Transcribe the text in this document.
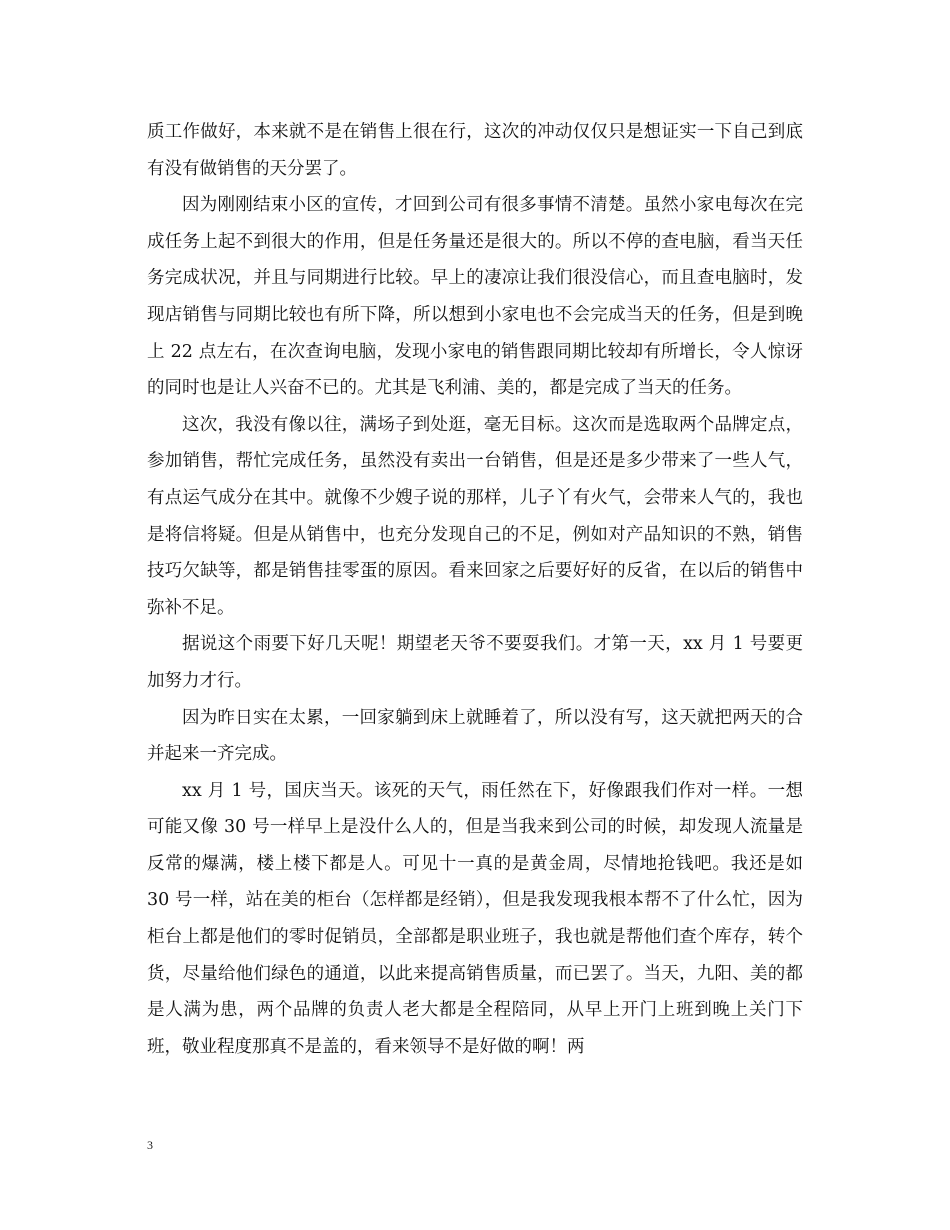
质工作做好，本来就不是在销售上很在行，这次的冲动仅仅只是想证实一下自己到底有没有做销售的天分罢了。

因为刚刚结束小区的宣传，才回到公司有很多事情不清楚。虽然小家电每次在完成任务上起不到很大的作用，但是任务量还是很大的。所以不停的查电脑，看当天任务完成状况，并且与同期进行比较。早上的凄凉让我们很没信心，而且查电脑时，发现店销售与同期比较也有所下降，所以想到小家电也不会完成当天的任务，但是到晚上 22 点左右，在次查询电脑，发现小家电的销售跟同期比较却有所增长，令人惊讶的同时也是让人兴奋不已的。尤其是飞利浦、美的，都是完成了当天的任务。

这次，我没有像以往，满场子到处逛，毫无目标。这次而是选取两个品牌定点，参加销售，帮忙完成任务，虽然没有卖出一台销售，但是还是多少带来了一些人气，有点运气成分在其中。就像不少嫂子说的那样，儿子丫有火气，会带来人气的，我也是将信将疑。但是从销售中，也充分发现自己的不足，例如对产品知识的不熟，销售技巧欠缺等，都是销售挂零蛋的原因。看来回家之后要好好的反省，在以后的销售中弥补不足。

据说这个雨要下好几天呢！期望老天爷不要耍我们。才第一天，xx 月 1 号要更加努力才行。

因为昨日实在太累，一回家躺到床上就睡着了，所以没有写，这天就把两天的合并起来一齐完成。

xx 月 1 号，国庆当天。该死的天气，雨任然在下，好像跟我们作对一样。一想可能又像 30 号一样早上是没什么人的，但是当我来到公司的时候，却发现人流量是反常的爆满，楼上楼下都是人。可见十一真的是黄金周，尽情地抢钱吧。我还是如 30 号一样，站在美的柜台（怎样都是经销），但是我发现我根本帮不了什么忙，因为柜台上都是他们的零时促销员，全部都是职业班子，我也就是帮他们查个库存，转个货，尽量给他们绿色的通道，以此来提高销售质量，而已罢了。当天，九阳、美的都是人满为患，两个品牌的负责人老大都是全程陪同，从早上开门上班到晚上关门下班，敬业程度那真不是盖的，看来领导不是好做的啊！两

3
